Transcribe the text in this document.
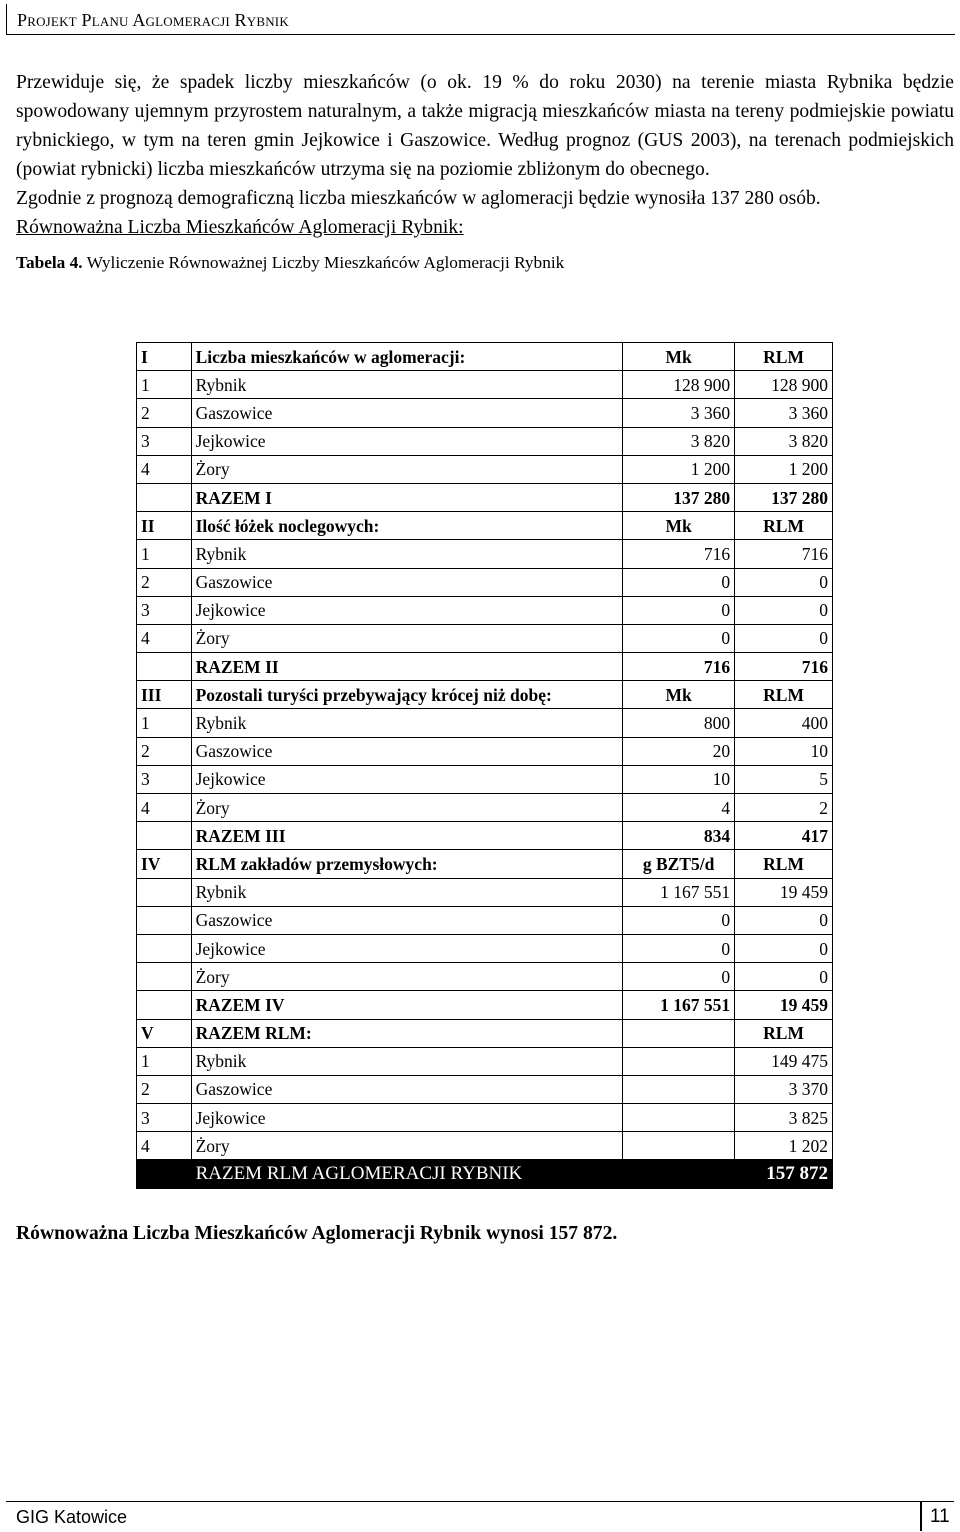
Projekt Planu Aglomeracji Rybnik

Przewiduje się, że spadek liczby mieszkańców (o ok. 19 % do roku 2030) na terenie miasta Rybnika będzie spowodowany ujemnym przyrostem naturalnym, a także migracją mieszkańców miasta na tereny podmiejskie powiatu rybnickiego, w tym na teren gmin Jejkowice i Gaszowice. Według prognoz (GUS 2003), na terenach podmiejskich (powiat rybnicki) liczba mieszkańców utrzyma się na poziomie zbliżonym do obecnego.

Zgodnie z prognozą demograficzną liczba mieszkańców w aglomeracji będzie wynosiła 137 280 osób.

Równoważna Liczba Mieszkańców Aglomeracji Rybnik:

Tabela 4. Wyliczenie Równoważnej Liczby Mieszkańców Aglomeracji Rybnik

I	Liczba mieszkańców w aglomeracji:	Mk	RLM
1	Rybnik	128 900	128 900
2	Gaszowice	3 360	3 360
3	Jejkowice	3 820	3 820
4	Żory	1 200	1 200
	RAZEM I	137 280	137 280
II	Ilość łóżek noclegowych:	Mk	RLM
1	Rybnik	716	716
2	Gaszowice	0	0
3	Jejkowice	0	0
4	Żory	0	0
	RAZEM II	716	716
III	Pozostali turyści przebywający krócej niż dobę:	Mk	RLM
1	Rybnik	800	400
2	Gaszowice	20	10
3	Jejkowice	10	5
4	Żory	4	2
	RAZEM III	834	417
IV	RLM zakładów przemysłowych:	g BZT5/d	RLM
	Rybnik	1 167 551	19 459
	Gaszowice	0	0
	Jejkowice	0	0
	Żory	0	0
	RAZEM IV	1 167 551	19 459
V	RAZEM RLM:		RLM
1	Rybnik		149 475
2	Gaszowice		3 370
3	Jejkowice		3 825
4	Żory		1 202
	RAZEM RLM AGLOMERACJI RYBNIK		157 872
Równoważna Liczba Mieszkańców Aglomeracji Rybnik wynosi 157 872.
GIG Katowice	11
